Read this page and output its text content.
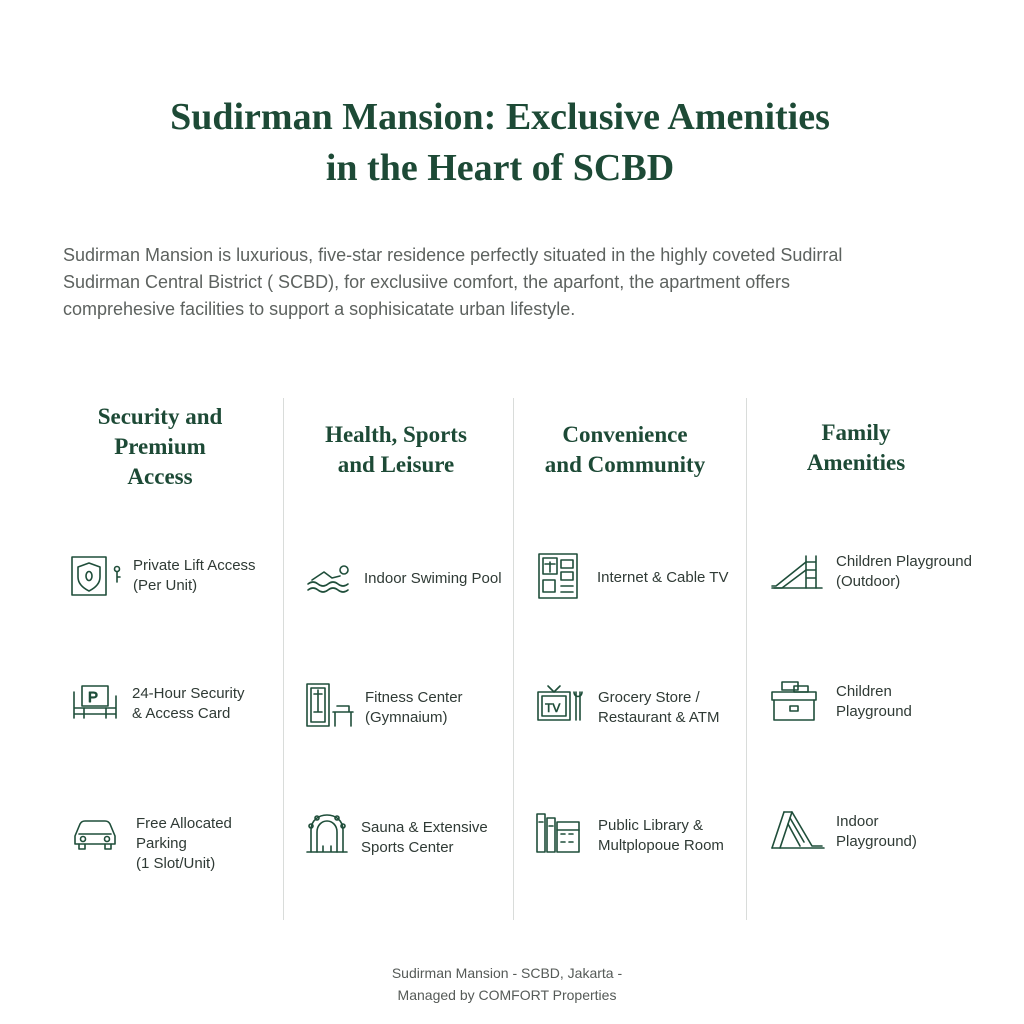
Sudirman Mansion: Exclusive Amenities
in the Heart of SCBD
Sudirman Mansion is luxurious, five-star residence perfectly situated in the highly coveted Sudirral
Sudirman Central Bistrict ( SCBD), for exclusiive comfort, the aparfont, the apartment offers
comprehesive facilities to support a sophisicatate urban lifestyle.
Security and
Premium
Access
Health, Sports
and Leisure
Convenience
and Community
Family
Amenities
Private Lift Access
(Per Unit)
P 24-Hour Security
& Access Card
Free Allocated
Parking
(1 Slot/Unit)
Indoor Swiming Pool
Fitness Center
(Gymnaium)
Sauna & Extensive
Sports Center
Internet & Cable TV
TV
Grocery Store /
Restaurant & ATM
Public Library &
Multplopoue Room
Children Playground
(Outdoor)
Children
Playground
Indoor
Playground)
Sudirman Mansion - SCBD, Jakarta -
Managed by COMFORT Properties
